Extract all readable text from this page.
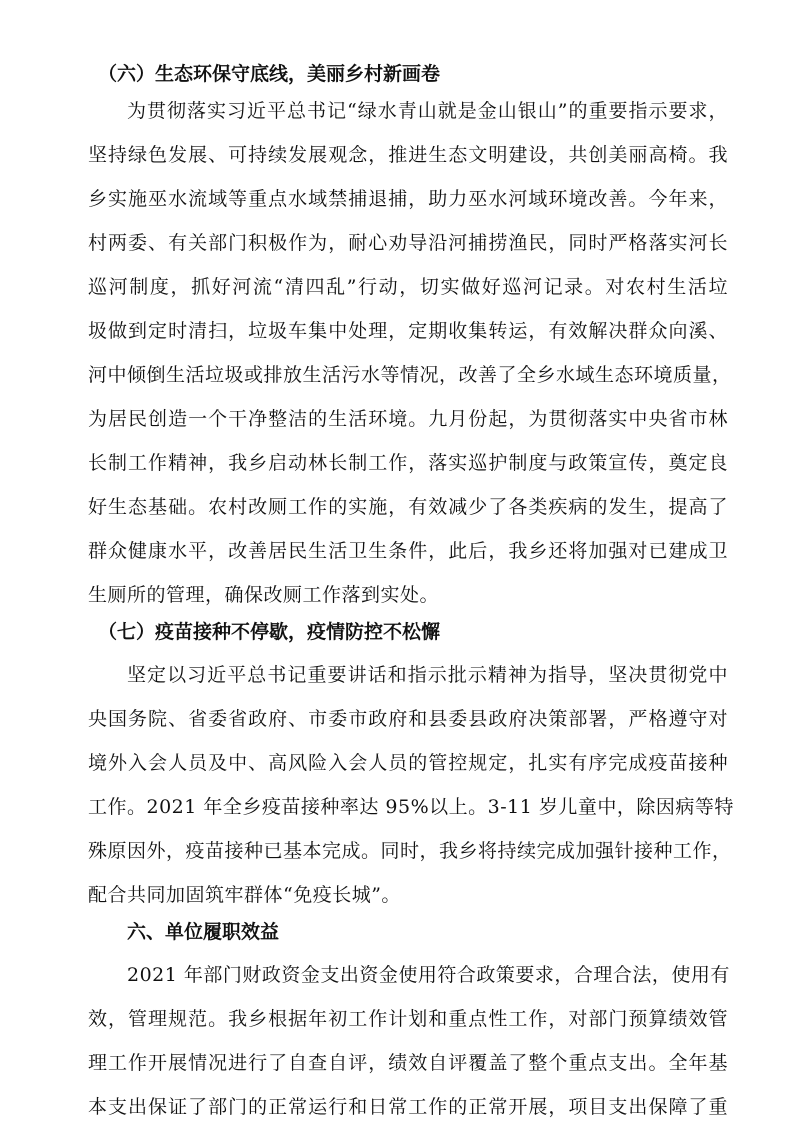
（六）生态环保守底线，美丽乡村新画卷
为贯彻落实习近平总书记“绿水青山就是金山银山”的重要指示要求，
坚持绿色发展、可持续发展观念，推进生态文明建设，共创美丽高椅。我
乡实施巫水流域等重点水域禁捕退捕，助力巫水河域环境改善。今年来，
村两委、有关部门积极作为，耐心劝导沿河捕捞渔民，同时严格落实河长
巡河制度，抓好河流“清四乱”行动，切实做好巡河记录。对农村生活垃
圾做到定时清扫，垃圾车集中处理，定期收集转运，有效解决群众向溪、
河中倾倒生活垃圾或排放生活污水等情况，改善了全乡水域生态环境质量，
为居民创造一个干净整洁的生活环境。九月份起，为贯彻落实中央省市林
长制工作精神，我乡启动林长制工作，落实巡护制度与政策宣传，奠定良
好生态基础。农村改厕工作的实施，有效减少了各类疾病的发生，提高了
群众健康水平，改善居民生活卫生条件，此后，我乡还将加强对已建成卫
生厕所的管理，确保改厕工作落到实处。
（七）疫苗接种不停歇，疫情防控不松懈
坚定以习近平总书记重要讲话和指示批示精神为指导，坚决贯彻党中
央国务院、省委省政府、市委市政府和县委县政府决策部署，严格遵守对
境外入会人员及中、高风险入会人员的管控规定，扎实有序完成疫苗接种
工作。2021 年全乡疫苗接种率达 95%以上。3-11 岁儿童中，除因病等特
殊原因外，疫苗接种已基本完成。同时，我乡将持续完成加强针接种工作，
配合共同加固筑牢群体“免疫长城”。
六、单位履职效益
2021 年部门财政资金支出资金使用符合政策要求，合理合法，使用有
效，管理规范。我乡根据年初工作计划和重点性工作，对部门预算绩效管
理工作开展情况进行了自查自评，绩效自评覆盖了整个重点支出。全年基
本支出保证了部门的正常运行和日常工作的正常开展，项目支出保障了重
